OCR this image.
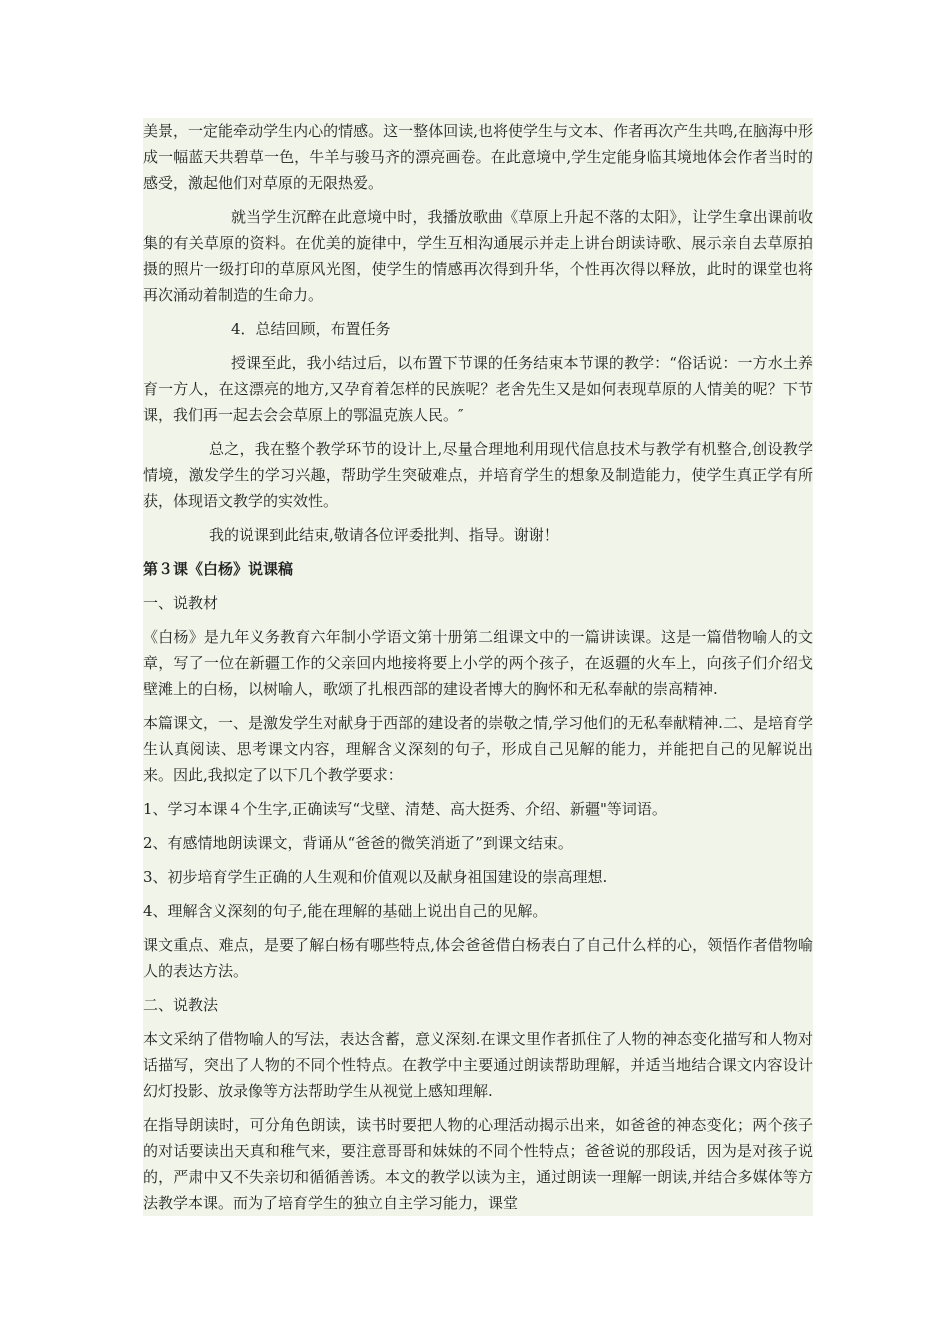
美景，一定能牵动学生内心的情感。这一整体回读,也将使学生与文本、作者再次产生共鸣,在脑海中形成一幅蓝天共碧草一色，牛羊与骏马齐的漂亮画卷。在此意境中,学生定能身临其境地体会作者当时的感受，激起他们对草原的无限热爱。

就当学生沉醉在此意境中时，我播放歌曲《草原上升起不落的太阳》，让学生拿出课前收集的有关草原的资料。在优美的旋律中，学生互相沟通展示并走上讲台朗读诗歌、展示亲自去草原拍摄的照片一级打印的草原风光图，使学生的情感再次得到升华，个性再次得以释放，此时的课堂也将再次涌动着制造的生命力。

4．总结回顾，布置任务

授课至此，我小结过后，以布置下节课的任务结束本节课的教学：“俗话说：一方水土养育一方人，在这漂亮的地方,又孕育着怎样的民族呢？老舍先生又是如何表现草原的人情美的呢？下节课，我们再一起去会会草原上的鄂温克族人民。″

总之，我在整个教学环节的设计上,尽量合理地利用现代信息技术与教学有机整合,创设教学情境，激发学生的学习兴趣，帮助学生突破难点，并培育学生的想象及制造能力，使学生真正学有所获，体现语文教学的实效性。

我的说课到此结束,敬请各位评委批判、指导。谢谢！

第３课《白杨》说课稿

一、说教材

《白杨》是九年义务教育六年制小学语文第十册第二组课文中的一篇讲读课。这是一篇借物喻人的文章，写了一位在新疆工作的父亲回内地接将要上小学的两个孩子，在返疆的火车上，向孩子们介绍戈壁滩上的白杨，以树喻人，歌颂了扎根西部的建设者博大的胸怀和无私奉献的崇高精神.

本篇课文，一、是激发学生对献身于西部的建设者的崇敬之情,学习他们的无私奉献精神.二、是培育学生认真阅读、思考课文内容，理解含义深刻的句子，形成自己见解的能力，并能把自己的见解说出来。因此,我拟定了以下几个教学要求：

1、学习本课４个生字,正确读写“戈壁、清楚、高大挺秀、介绍、新疆"等词语。

2、有感情地朗读课文，背诵从“爸爸的微笑消逝了”到课文结束。

3、初步培育学生正确的人生观和价值观以及献身祖国建设的崇高理想.

4、理解含义深刻的句子,能在理解的基础上说出自己的见解。

课文重点、难点，是要了解白杨有哪些特点,体会爸爸借白杨表白了自己什么样的心，领悟作者借物喻人的表达方法。

二、说教法

本文采纳了借物喻人的写法，表达含蓄，意义深刻.在课文里作者抓住了人物的神态变化描写和人物对话描写，突出了人物的不同个性特点。在教学中主要通过朗读帮助理解，并适当地结合课文内容设计幻灯投影、放录像等方法帮助学生从视觉上感知理解.

在指导朗读时，可分角色朗读，读书时要把人物的心理活动揭示出来，如爸爸的神态变化；两个孩子的对话要读出天真和稚气来，要注意哥哥和妹妹的不同个性特点；爸爸说的那段话，因为是对孩子说的，严肃中又不失亲切和循循善诱。本文的教学以读为主，通过朗读一理解一朗读,并结合多媒体等方法教学本课。而为了培育学生的独立自主学习能力，课堂
